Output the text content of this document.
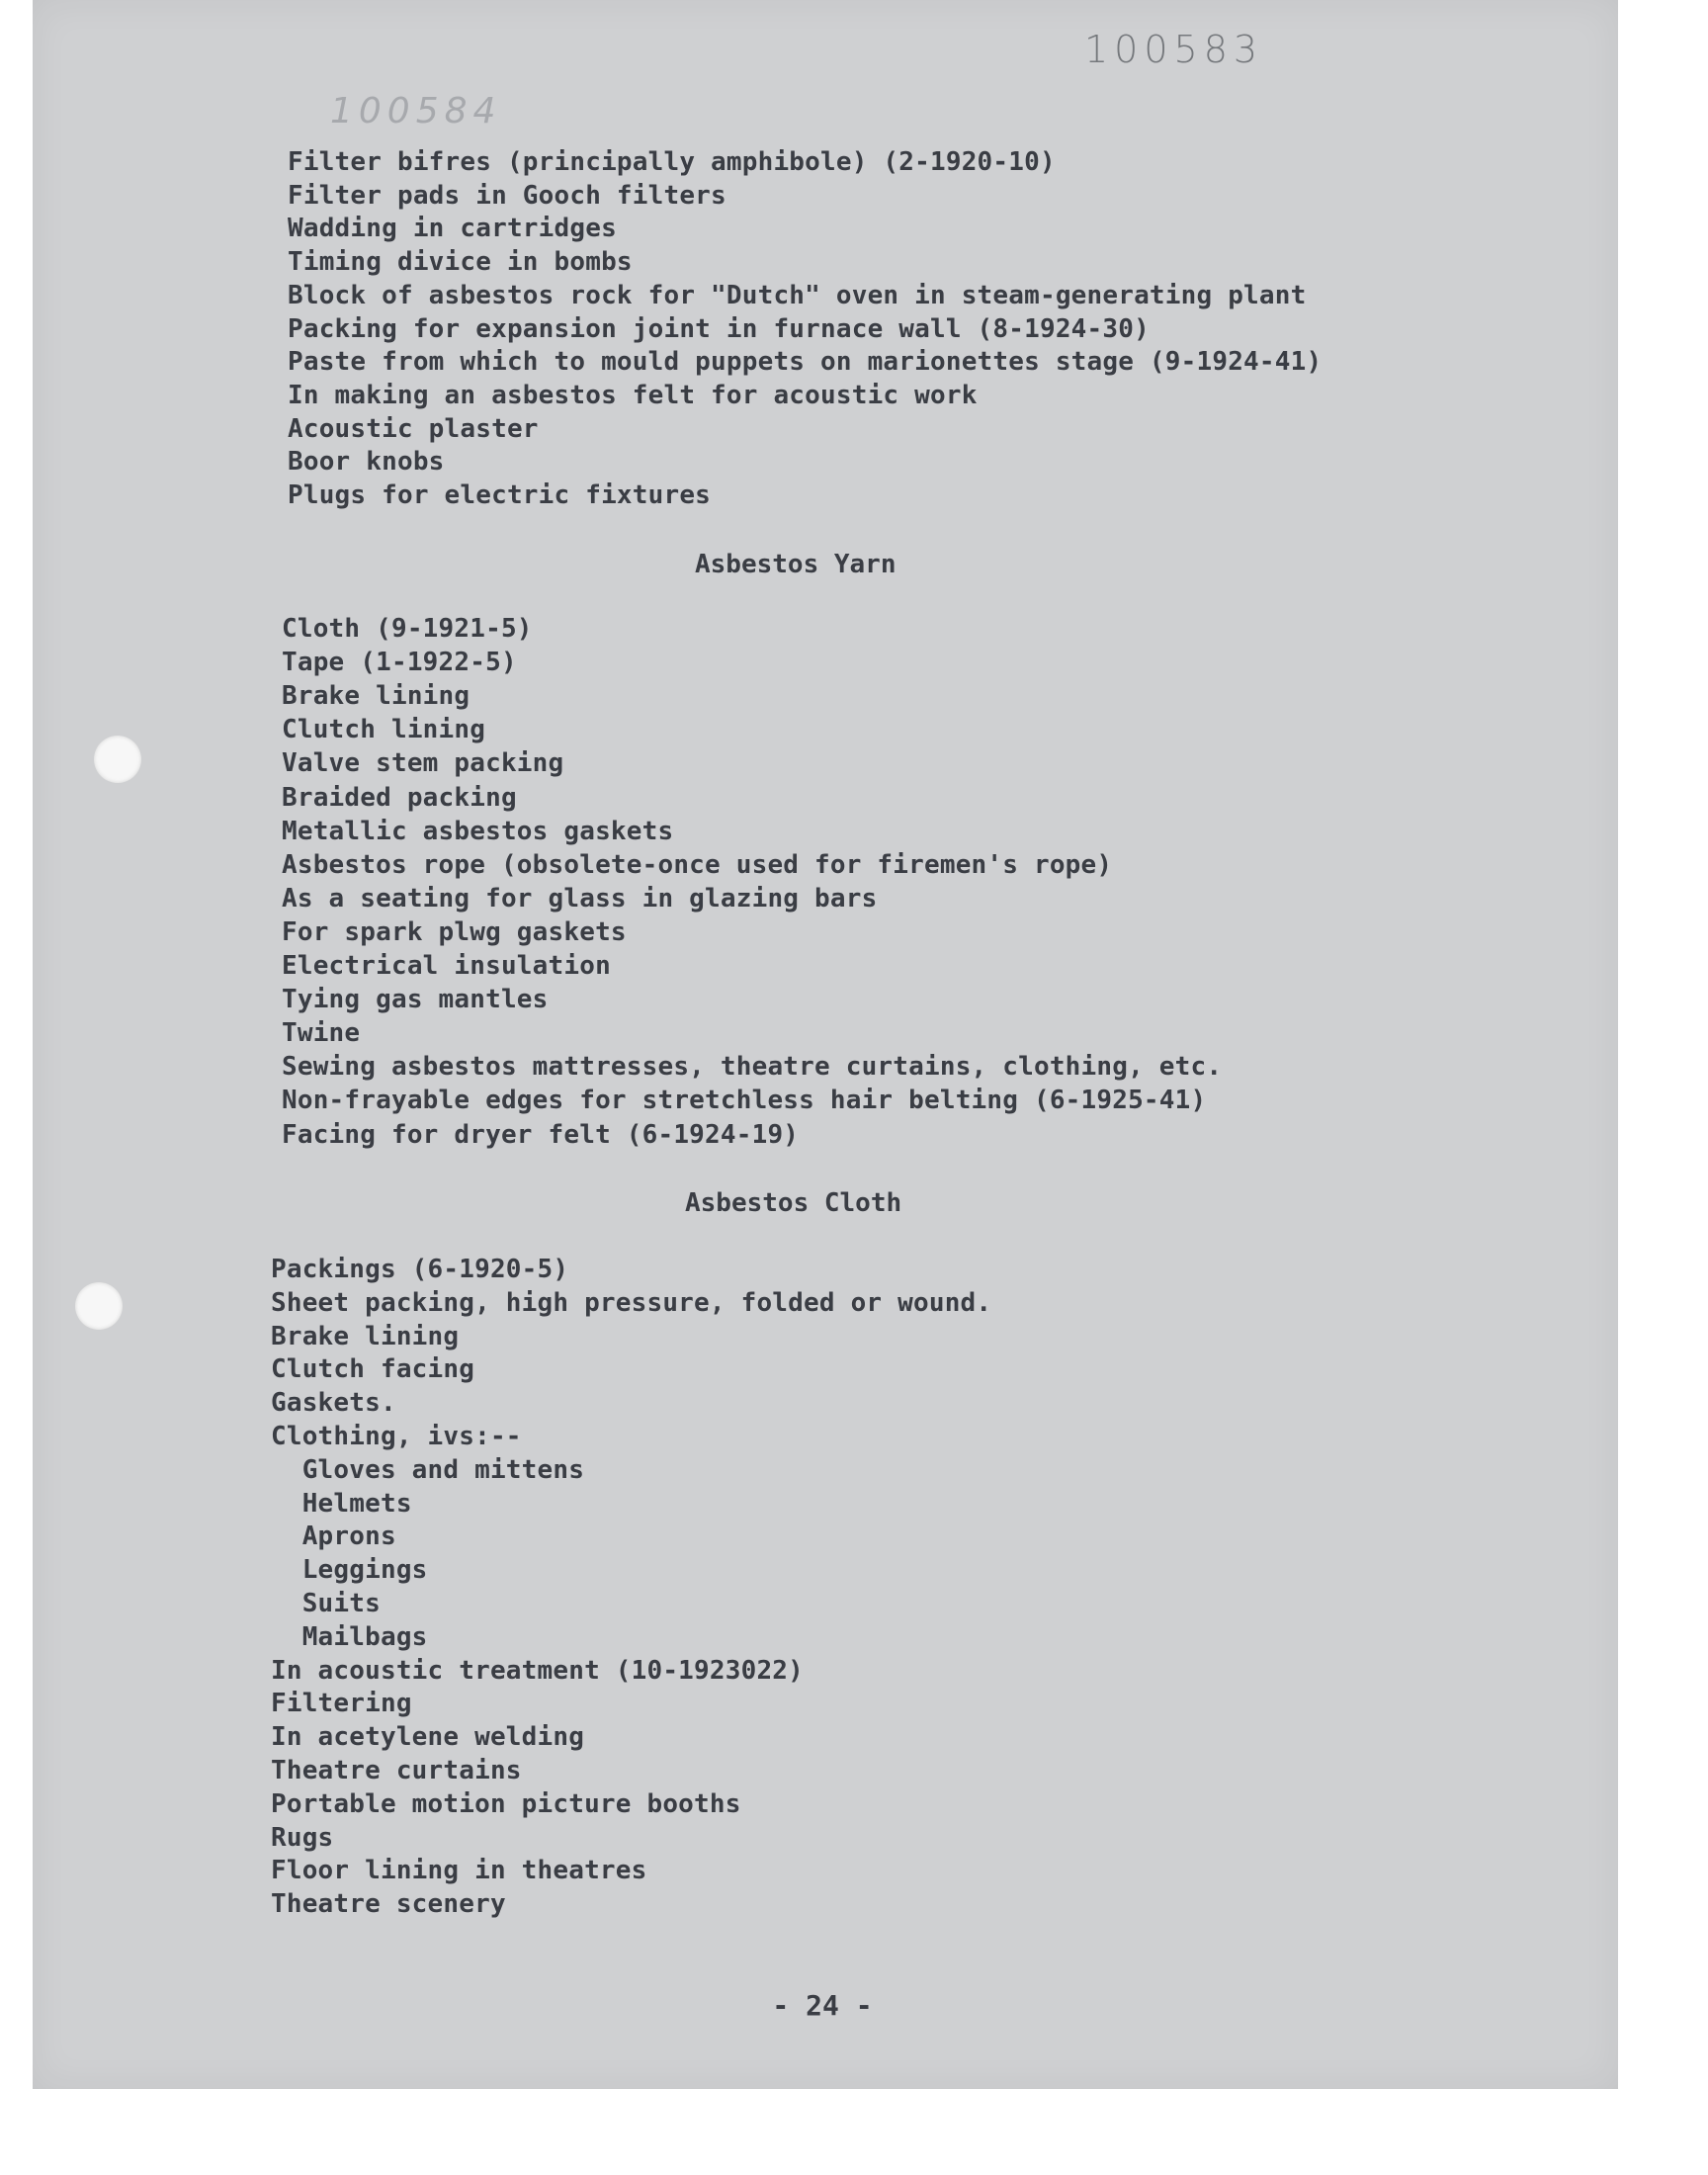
100583
100584
Filter bifres (principally amphibole) (2-1920-10)
Filter pads in Gooch filters
Wadding in cartridges
Timing divice in bombs
Block of asbestos rock for "Dutch" oven in steam-generating plant
Packing for expansion joint in furnace wall (8-1924-30)
Paste from which to mould puppets on marionettes stage (9-1924-41)
In making an asbestos felt for acoustic work
Acoustic plaster
Boor knobs
Plugs for electric fixtures
Asbestos Yarn
Cloth (9-1921-5)
Tape (1-1922-5)
Brake lining
Clutch lining
Valve stem packing
Braided packing
Metallic asbestos gaskets
Asbestos rope (obsolete-once used for firemen's rope)
As a seating for glass in glazing bars
For spark plwg gaskets
Electrical insulation
Tying gas mantles
Twine
Sewing asbestos mattresses, theatre curtains, clothing, etc.
Non-frayable edges for stretchless hair belting (6-1925-41)
Facing for dryer felt (6-1924-19)
Asbestos Cloth
Packings (6-1920-5)
Sheet packing, high pressure, folded or wound.
Brake lining
Clutch facing
Gaskets.
Clothing, ivs:--
Gloves and mittens
Helmets
Aprons
Leggings
Suits
Mailbags
In acoustic treatment (10-1923022)
Filtering
In acetylene welding
Theatre curtains
Portable motion picture booths
Rugs
Floor lining in theatres
Theatre scenery
- 24 -
